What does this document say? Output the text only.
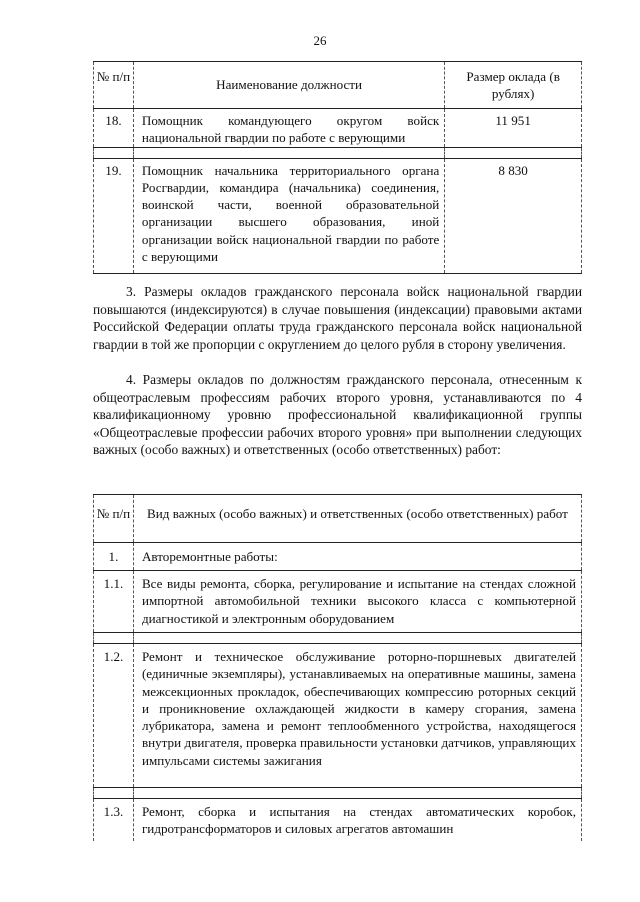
26
№ п/п	Наименование должности	Размер оклада (в рублях)
18.	Помощник командующего округом войск национальной гвардии по работе с верующими	11 951

19.	Помощник начальника территориального органа Росгвардии, командира (начальника) соединения, воинской части, военной образовательной организации высшего образования, иной организации войск национальной гвардии по работе с верующими	8 830

3. Размеры окладов гражданского персонала войск национальной гвардии повышаются (индексируются) в случае повышения (индексации) правовыми актами Российской Федерации оплаты труда гражданского персонала войск национальной гвардии в той же пропорции с округлением до целого рубля в сторону увеличения.

4. Размеры окладов по должностям гражданского персонала, отнесенным к общеотраслевым профессиям рабочих второго уровня, устанавливаются по 4 квалификационному уровню профессиональной квалификационной группы «Общеотраслевые профессии рабочих второго уровня» при выполнении следующих важных (особо важных) и ответственных (особо ответственных) работ:

№ п/п	Вид важных (особо важных) и ответственных (особо ответственных) работ
1.	Авторемонтные работы:
1.1.	Все виды ремонта, сборка, регулирование и испытание на стендах сложной импортной автомобильной техники высокого класса с компьютерной диагностикой и электронным оборудованием

1.2.	Ремонт и техническое обслуживание роторно-поршневых двигателей (единичные экземпляры), устанавливаемых на оперативные машины, замена межсекционных прокладок, обеспечивающих компрессию роторных секций и проникновение охлаждающей жидкости в камеру сгорания, замена лубрикатора, замена и ремонт теплообменного устройства, находящегося внутри двигателя, проверка правильности установки датчиков, управляющих импульсами системы зажигания

1.3.	Ремонт, сборка и испытания на стендах автоматических коробок, гидротрансформаторов и силовых агрегатов автомашин
